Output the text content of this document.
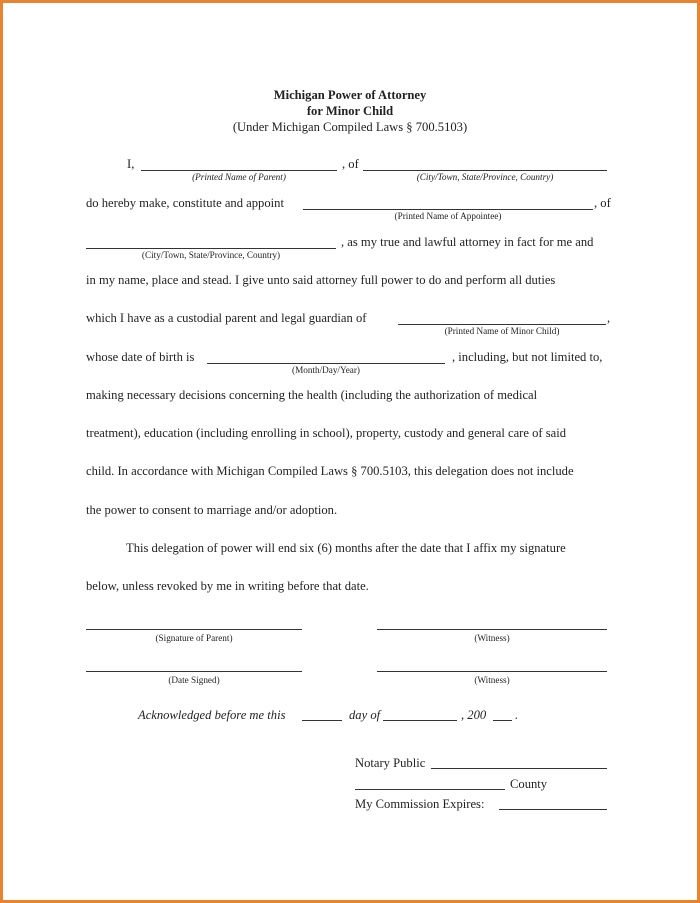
Michigan Power of Attorney
for Minor Child
(Under Michigan Compiled Laws § 700.5103)
I,	, of
(Printed Name of Parent)	(City/Town, State/Province, Country)
do hereby make, constitute and appoint	, of
(Printed Name of Appointee)
, as my true and lawful attorney in fact for me and
(City/Town, State/Province, Country)
in my name, place and stead. I give unto said attorney full power to do and perform all duties
which I have as a custodial parent and legal guardian of	,
(Printed Name of Minor Child)
whose date of birth is	, including, but not limited to,
(Month/Day/Year)
making necessary decisions concerning the health (including the authorization of medical
treatment), education (including enrolling in school), property, custody and general care of said
child. In accordance with Michigan Compiled Laws § 700.5103, this delegation does not include
the power to consent to marriage and/or adoption.
This delegation of power will end six (6) months after the date that I affix my signature
below, unless revoked by me in writing before that date.
(Signature of Parent)	(Witness)
(Date Signed)	(Witness)
Acknowledged before me this	day of	, 200 .
Notary Public
County
My Commission Expires:
